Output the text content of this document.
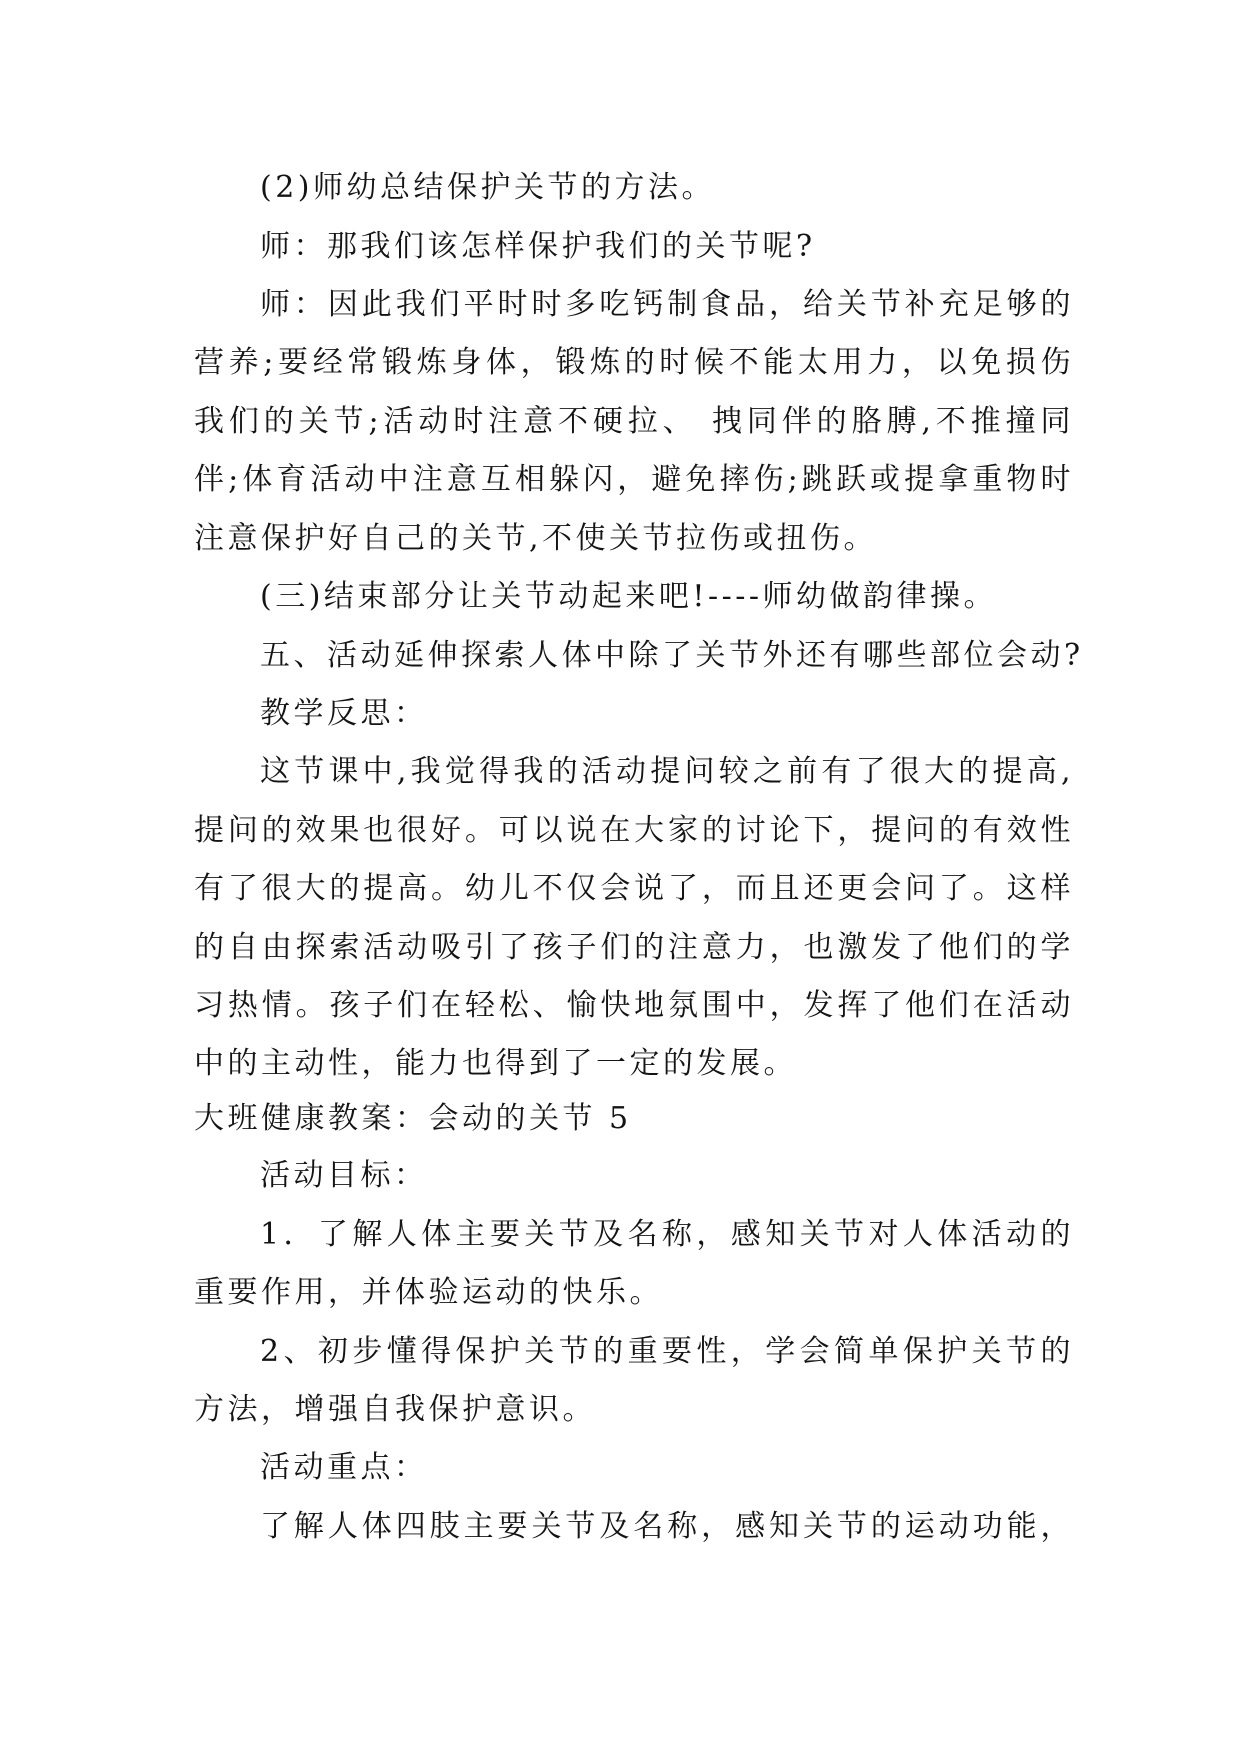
(2)师幼总结保护关节的方法。
师：那我们该怎样保护我们的关节呢?
师：因此我们平时时多吃钙制食品，给关节补充足够的
营养;要经常锻炼身体，锻炼的时候不能太用力，以免损伤
我们的关节;活动时注意不硬拉、 拽同伴的胳膊,不推撞同
伴;体育活动中注意互相躲闪，避免摔伤;跳跃或提拿重物时
注意保护好自己的关节,不使关节拉伤或扭伤。
(三)结束部分让关节动起来吧!----师幼做韵律操。
五、活动延伸探索人体中除了关节外还有哪些部位会动?
教学反思：
这节课中,我觉得我的活动提问较之前有了很大的提高,
提问的效果也很好。可以说在大家的讨论下，提问的有效性
有了很大的提高。幼儿不仅会说了，而且还更会问了。这样
的自由探索活动吸引了孩子们的注意力，也激发了他们的学
习热情。孩子们在轻松、愉快地氛围中，发挥了他们在活动
中的主动性，能力也得到了一定的发展。
大班健康教案：会动的关节 5
活动目标：
1．了解人体主要关节及名称，感知关节对人体活动的
重要作用，并体验运动的快乐。
2、初步懂得保护关节的重要性，学会简单保护关节的
方法，增强自我保护意识。
活动重点：
了解人体四肢主要关节及名称，感知关节的运动功能，
